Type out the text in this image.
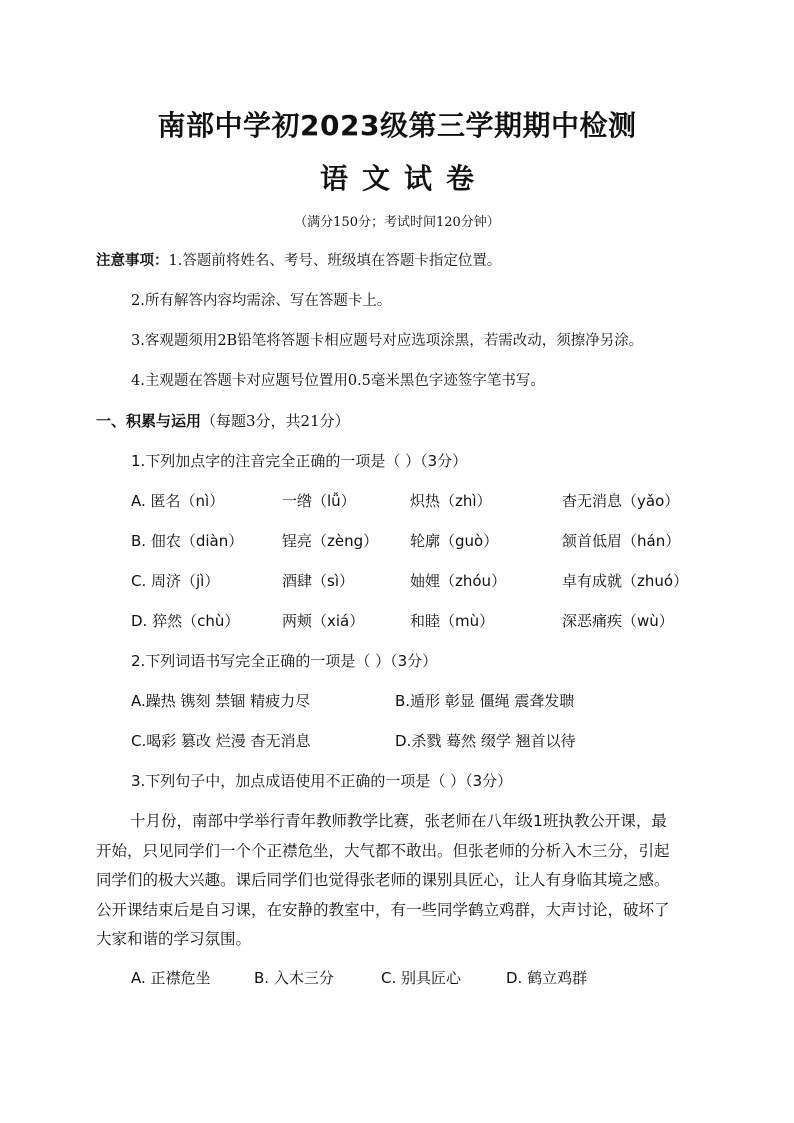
南部中学初2023级第三学期期中检测
语文试卷
（满分150分；考试时间120分钟）
注意事项：1.答题前将姓名、考号、班级填在答题卡指定位置。
2.所有解答内容均需涂、写在答题卡上。
3.客观题须用2B铅笔将答题卡相应题号对应选项涂黑，若需改动，须擦净另涂。
4.主观题在答题卡对应题号位置用0.5毫米黑色字迹签字笔书写。
一、积累与运用（每题3分，共21分）
1.下列加点字的注音完全正确的一项是（ ）（3分）
A. 匿名（nì）	一绺（lǚ）	炽热（zhì）	杳无消息（yǎo）
B. 佃农（diàn）	锃亮（zèng） 轮廓（guò）	颔首低眉（hán）
C. 周济（jì）	酒肆（sì）	妯娌（zhóu）	卓有成就（zhuó）
D. 猝然（chù）	两颊（xiá）	和睦（mù）	深恶痛疾（wù）
2.下列词语书写完全正确的一项是（ ）（3分）
A.躁热 镌刻 禁锢 精疲力尽	B.遁形 彰显 僵绳 震聋发聩
C.喝彩 篡改 烂漫 杳无消息	D.杀戮 蓦然 缀学 翘首以待
3.下列句子中，加点成语使用不正确的一项是（ ）（3分）
十月份，南部中学举行青年教师教学比赛，张老师在八年级1班执教公开课，最
开始，只见同学们一个个正襟危坐，大气都不敢出。但张老师的分析入木三分，引起
同学们的极大兴趣。课后同学们也觉得张老师的课别具匠心，让人有身临其境之感。
公开课结束后是自习课，在安静的教室中，有一些同学鹤立鸡群，大声讨论，破坏了
大家和谐的学习氛围。
A. 正襟危坐	B. 入木三分	C. 别具匠心	D. 鹤立鸡群
